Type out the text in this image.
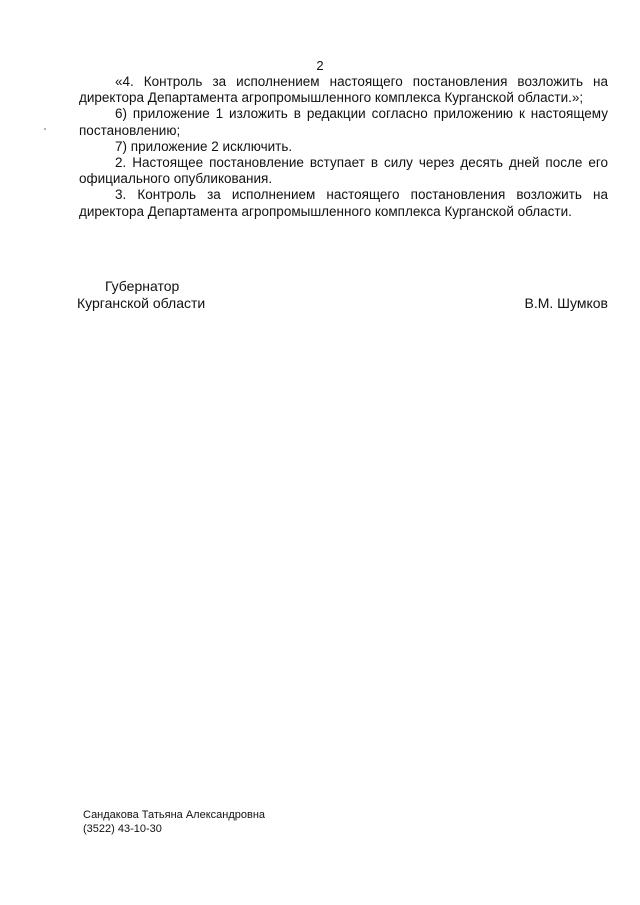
2

«4. Контроль за исполнением настоящего постановления возложить на директора Департамента агропромышленного комплекса Курганской области.»;

6) приложение 1 изложить в редакции согласно приложению к настоящему постановлению;

7) приложение 2 исключить.

2. Настоящее постановление вступает в силу через десять дней после его официального опубликования.

3. Контроль за исполнением настоящего постановления возложить на директора Департамента агропромышленного комплекса Курганской области.

Губернатор
Курганской области	В.М. Шумков
Сандакова Татьяна Александровна
(3522) 43-10-30
